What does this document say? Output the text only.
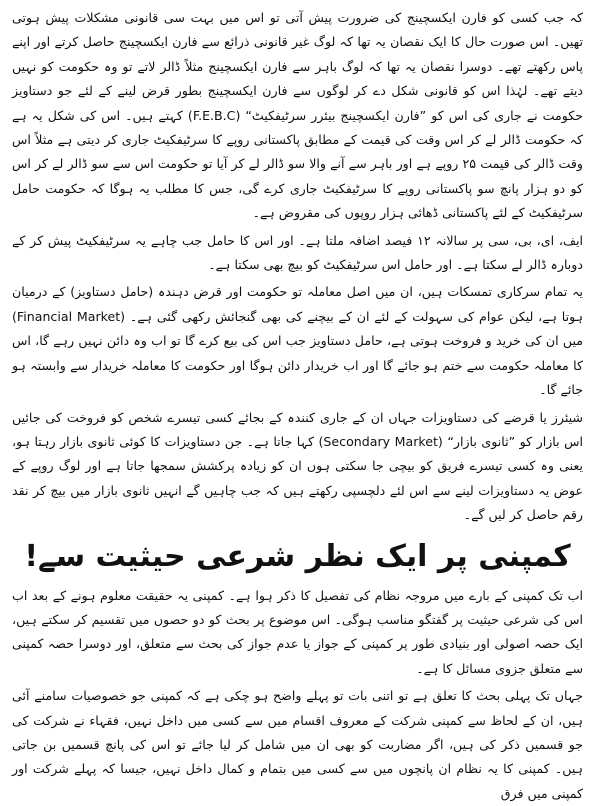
کہ جب کسی کو فارن ایکسچینج کی ضرورت پیش آتی تو اس میں بہت سی قانونی مشکلات پیش ہوتی تھیں۔ اس صورت حال کا ایک نقصان یہ تھا کہ لوگ غیر قانونی ذرائع سے فارن ایکسچینج حاصل کرتے اور اپنے پاس رکھتے تھے۔ دوسرا نقصان یہ تھا کہ لوگ باہر سے فارن ایکسچینج مثلاً ڈالر لاتے تو وہ حکومت کو نہیں دیتے تھے۔ لہٰذا اس کو قانونی شکل دے کر لوگوں سے فارن ایکسچینج بطور قرض لینے کے لئے جو دستاویز حکومت نے جاری کی اس کو ”فارن ایکسچینج بیئرر سرٹیفکیٹ“ (F.E.B.C) کہتے ہیں۔ اس کی شکل یہ ہے کہ حکومت ڈالر لے کر اس وقت کی قیمت کے مطابق پاکستانی روپے کا سرٹیفکیٹ جاری کر دیتی ہے مثلاً اس وقت ڈالر کی قیمت ۲۵ روپے ہے اور باہر سے آنے والا سو ڈالر لے کر آیا تو حکومت اس سے سو ڈالر لے کر اس کو دو ہزار پانچ سو پاکستانی روپے کا سرٹیفکیٹ جاری کرے گی، جس کا مطلب یہ ہوگا کہ حکومت حامل سرٹیفکیٹ کے لئے پاکستانی ڈھائی ہزار روپوں کی مقروض ہے۔

ایف، ای، بی، سی پر سالانہ ۱۲ فیصد اضافہ ملتا ہے۔ اور اس کا حامل جب چاہے یہ سرٹیفکیٹ پیش کر کے دوبارہ ڈالر لے سکتا ہے۔ اور حامل اس سرٹیفکیٹ کو بیچ بھی سکتا ہے۔

یہ تمام سرکاری تمسکات ہیں، ان میں اصل معاملہ تو حکومت اور قرض دہندہ (حامل دستاویز) کے درمیان ہوتا ہے، لیکن عوام کی سہولت کے لئے ان کے بیچنے کی بھی گنجائش رکھی گئی ہے۔ (Financial Market) میں ان کی خرید و فروخت ہوتی ہے، حامل دستاویز جب اس کی بیع کرے گا تو اب وہ دائن نہیں رہے گا، اس کا معاملہ حکومت سے ختم ہو جائے گا اور اب خریدار دائن ہوگا اور حکومت کا معاملہ خریدار سے وابستہ ہو جائے گا۔

شیئرز یا قرضے کی دستاویزات جہاں ان کے جاری کنندہ کے بجائے کسی تیسرے شخص کو فروخت کی جائیں اس بازار کو ”ثانوی بازار“ (Secondary Market) کہا جاتا ہے۔ جن دستاویزات کا کوئی ثانوی بازار رہتا ہو، یعنی وہ کسی تیسرے فریق کو بیچی جا سکتی ہوں ان کو زیادہ پرکشش سمجھا جاتا ہے اور لوگ روپے کے عوض یہ دستاویزات لینے سے اس لئے دلچسپی رکھتے ہیں کہ جب چاہیں گے انہیں ثانوی بازار میں بیچ کر نقد رقم حاصل کر لیں گے۔

کمپنی پر ایک نظر شرعی حیثیت سے!

اب تک کمپنی کے بارے میں مروجہ نظام کی تفصیل کا ذکر ہوا ہے۔ کمپنی یہ حقیقت معلوم ہونے کے بعد اب اس کی شرعی حیثیت پر گفتگو مناسب ہوگی۔ اس موضوع پر بحث کو دو حصوں میں تقسیم کر سکتے ہیں، ایک حصہ اصولی اور بنیادی طور پر کمپنی کے جواز یا عدم جواز کی بحث سے متعلق، اور دوسرا حصہ کمپنی سے متعلق جزوی مسائل کا ہے۔

جہاں تک پہلی بحث کا تعلق ہے تو اتنی بات تو پہلے واضح ہو چکی ہے کہ کمپنی جو خصوصیات سامنے آئی ہیں، ان کے لحاظ سے کمپنی شرکت کے معروف اقسام میں سے کسی میں داخل نہیں، فقہاء نے شرکت کی جو قسمیں ذکر کی ہیں، اگر مضاربت کو بھی ان میں شامل کر لیا جائے تو اس کی پانچ قسمیں بن جاتی ہیں۔ کمپنی کا یہ نظام ان پانچوں میں سے کسی میں بتمام و کمال داخل نہیں، جیسا کہ پہلے شرکت اور کمپنی میں فرق
